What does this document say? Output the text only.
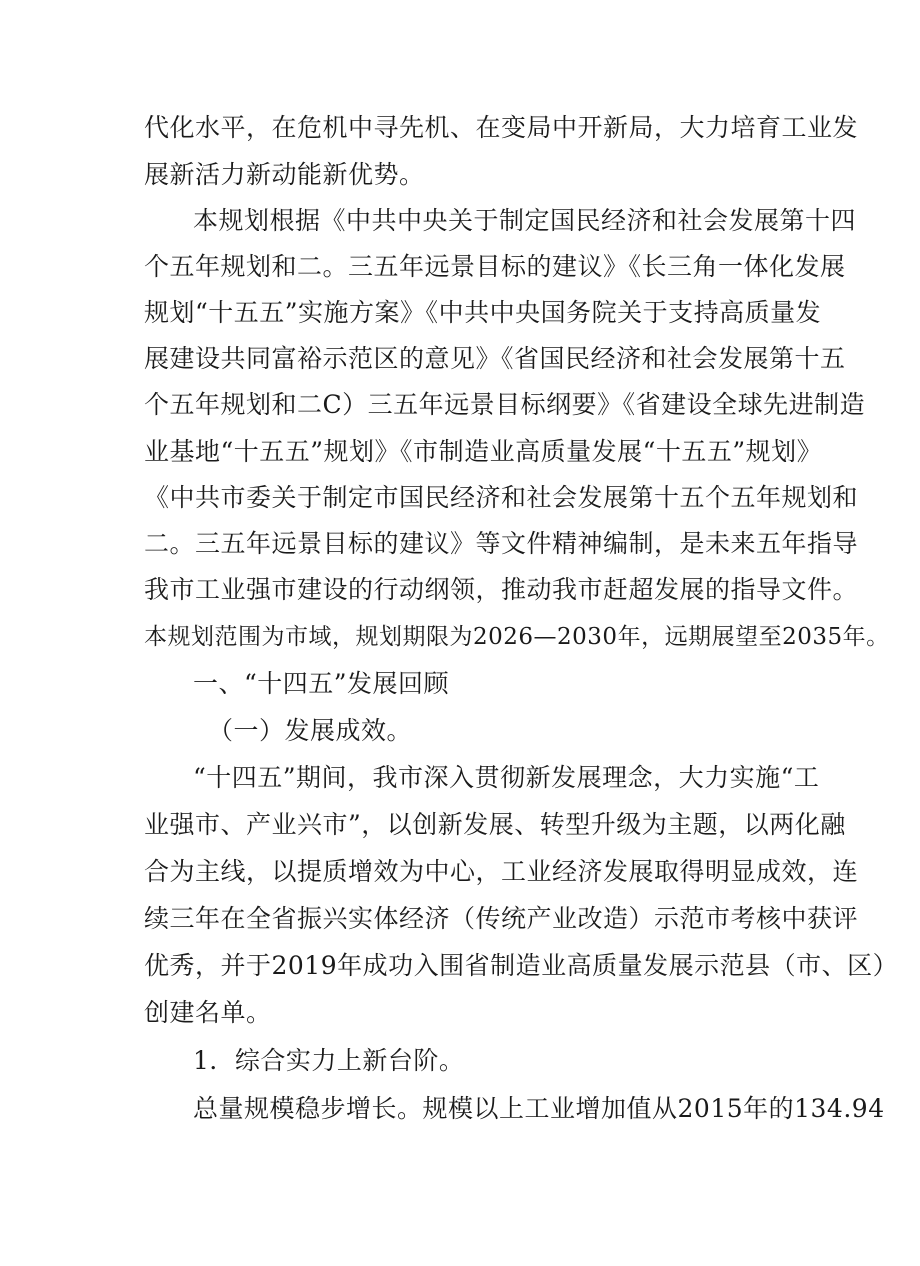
代化水平，在危机中寻先机、在变局中开新局，大力培育工业发
展新活力新动能新优势。
本规划根据《中共中央关于制定国民经济和社会发展第十四
个五年规划和二。三五年远景目标的建议》《长三角一体化发展
规划“十五五”实施方案》《中共中央国务院关于支持高质量发
展建设共同富裕示范区的意见》《省国民经济和社会发展第十五
个五年规划和二C）三五年远景目标纲要》《省建设全球先进制造
业基地“十五五”规划》《市制造业高质量发展“十五五”规划》
《中共市委关于制定市国民经济和社会发展第十五个五年规划和
二。三五年远景目标的建议》等文件精神编制，是未来五年指导
我市工业强市建设的行动纲领，推动我市赶超发展的指导文件。
本规划范围为市域，规划期限为2026—2030年，远期展望至2035年。
一、“十四五”发展回顾
（一）发展成效。
“十四五”期间，我市深入贯彻新发展理念，大力实施“工
业强市、产业兴市”，以创新发展、转型升级为主题，以两化融
合为主线，以提质增效为中心，工业经济发展取得明显成效，连
续三年在全省振兴实体经济（传统产业改造）示范市考核中获评
优秀，并于2019年成功入围省制造业高质量发展示范县（市、区）
创建名单。
1．综合实力上新台阶。
总量规模稳步增长。规模以上工业增加值从2015年的134.94
